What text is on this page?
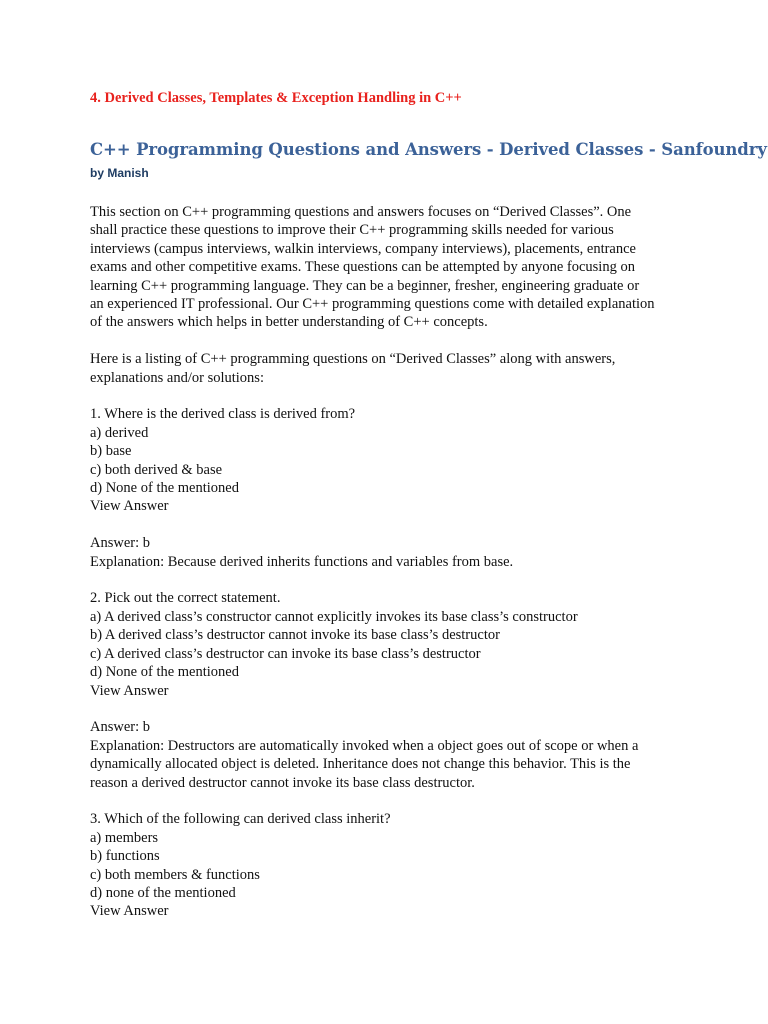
4. Derived Classes, Templates & Exception Handling in C++
C++ Programming Questions and Answers - Derived Classes - Sanfoundry
by Manish
This section on C++ programming questions and answers focuses on “Derived Classes”. One
shall practice these questions to improve their C++ programming skills needed for various
interviews (campus interviews, walkin interviews, company interviews), placements, entrance
exams and other competitive exams. These questions can be attempted by anyone focusing on
learning C++ programming language. They can be a beginner, fresher, engineering graduate or
an experienced IT professional. Our C++ programming questions come with detailed explanation
of the answers which helps in better understanding of C++ concepts.
Here is a listing of C++ programming questions on “Derived Classes” along with answers,
explanations and/or solutions:
1. Where is the derived class is derived from?
a) derived
b) base
c) both derived & base
d) None of the mentioned
View Answer
Answer: b
Explanation: Because derived inherits functions and variables from base.
2. Pick out the correct statement.
a) A derived class’s constructor cannot explicitly invokes its base class’s constructor
b) A derived class’s destructor cannot invoke its base class’s destructor
c) A derived class’s destructor can invoke its base class’s destructor
d) None of the mentioned
View Answer
Answer: b
Explanation: Destructors are automatically invoked when a object goes out of scope or when a
dynamically allocated object is deleted. Inheritance does not change this behavior. This is the
reason a derived destructor cannot invoke its base class destructor.
3. Which of the following can derived class inherit?
a) members
b) functions
c) both members & functions
d) none of the mentioned
View Answer
